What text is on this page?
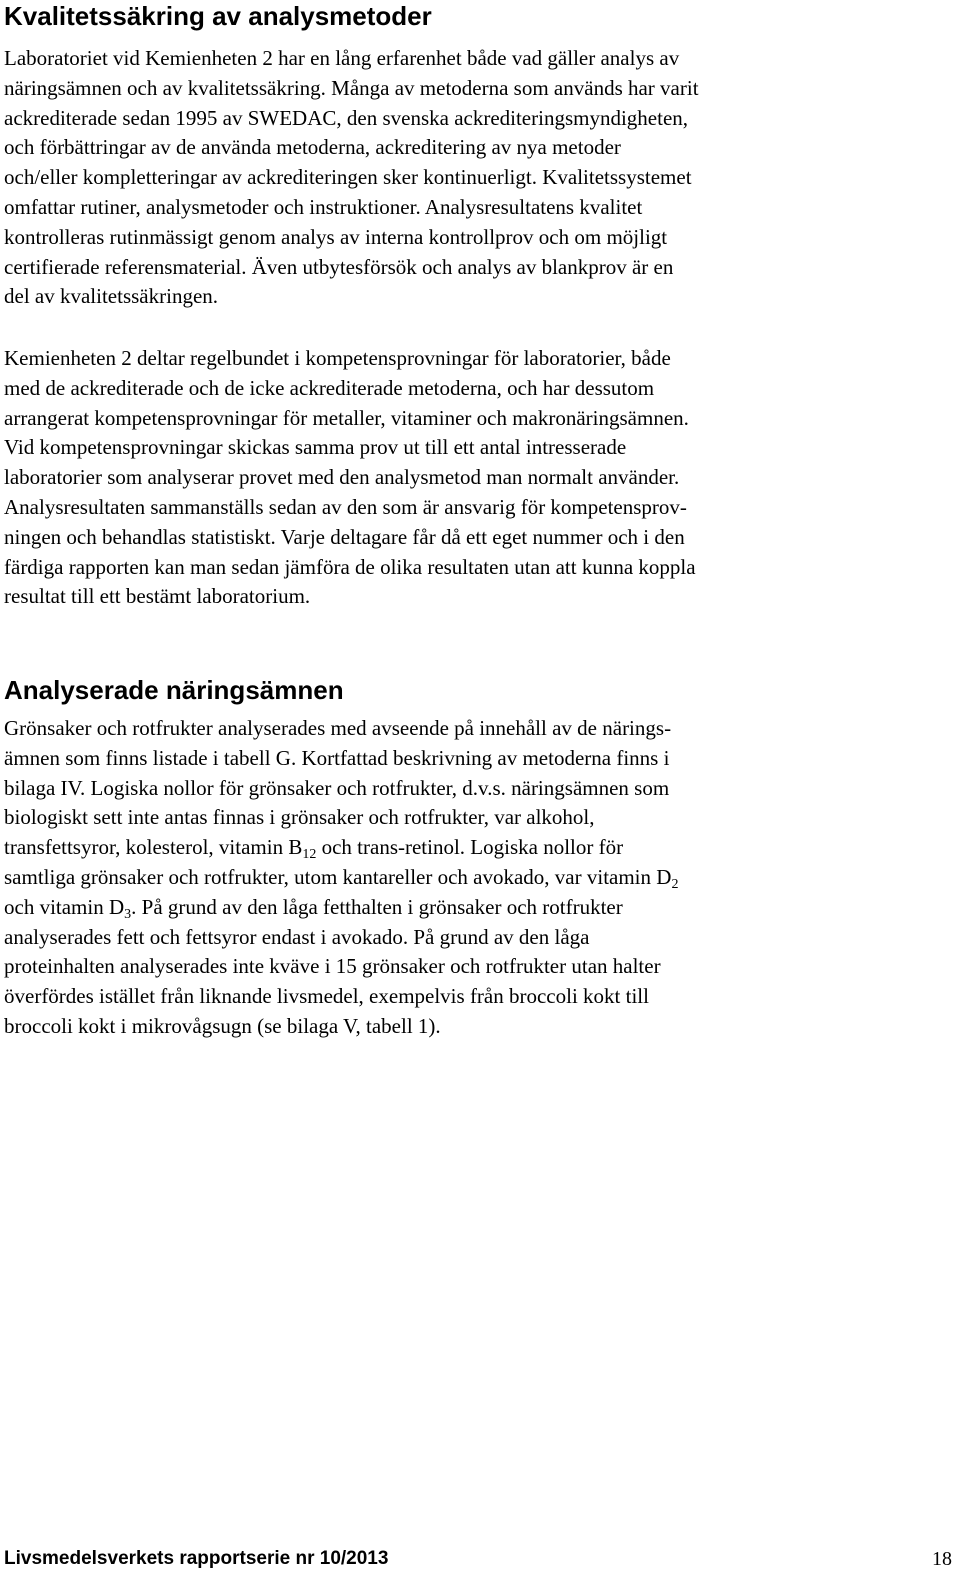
Kvalitetssäkring av analysmetoder

Laboratoriet vid Kemienheten 2 har en lång erfarenhet både vad gäller analys av
näringsämnen och av kvalitetssäkring. Många av metoderna som används har varit
ackrediterade sedan 1995 av SWEDAC, den svenska ackrediteringsmyndigheten,
och förbättringar av de använda metoderna, ackreditering av nya metoder
och/eller kompletteringar av ackrediteringen sker kontinuerligt. Kvalitetssystemet
omfattar rutiner, analysmetoder och instruktioner. Analysresultatens kvalitet
kontrolleras rutinmässigt genom analys av interna kontrollprov och om möjligt
certifierade referensmaterial. Även utbytesförsök och analys av blankprov är en
del av kvalitetssäkringen.

Kemienheten 2 deltar regelbundet i kompetensprovningar för laboratorier, både
med de ackrediterade och de icke ackrediterade metoderna, och har dessutom
arrangerat kompetensprovningar för metaller, vitaminer och makronäringsämnen.
Vid kompetensprovningar skickas samma prov ut till ett antal intresserade
laboratorier som analyserar provet med den analysmetod man normalt använder.
Analysresultaten sammanställs sedan av den som är ansvarig för kompetensprov-
ningen och behandlas statistiskt. Varje deltagare får då ett eget nummer och i den
färdiga rapporten kan man sedan jämföra de olika resultaten utan att kunna koppla
resultat till ett bestämt laboratorium.

Analyserade näringsämnen

Grönsaker och rotfrukter analyserades med avseende på innehåll av de närings-
ämnen som finns listade i tabell G. Kortfattad beskrivning av metoderna finns i
bilaga IV. Logiska nollor för grönsaker och rotfrukter, d.v.s. näringsämnen som
biologiskt sett inte antas finnas i grönsaker och rotfrukter, var alkohol,
transfettsyror, kolesterol, vitamin $B_{12}$ och trans-retinol. Logiska nollor för
samtliga grönsaker och rotfrukter, utom kantareller och avokado, var vitamin $D_2$
och vitamin $D_3$. På grund av den låga fetthalten i grönsaker och rotfrukter
analyserades fett och fettsyror endast i avokado. På grund av den låga
proteinhalten analyserades inte kväve i 15 grönsaker och rotfrukter utan halter
överfördes istället från liknande livsmedel, exempelvis från broccoli kokt till
broccoli kokt i mikrovågsugn (se bilaga V, tabell 1).

Livsmedelsverkets rapportserie nr 10/2013	18
